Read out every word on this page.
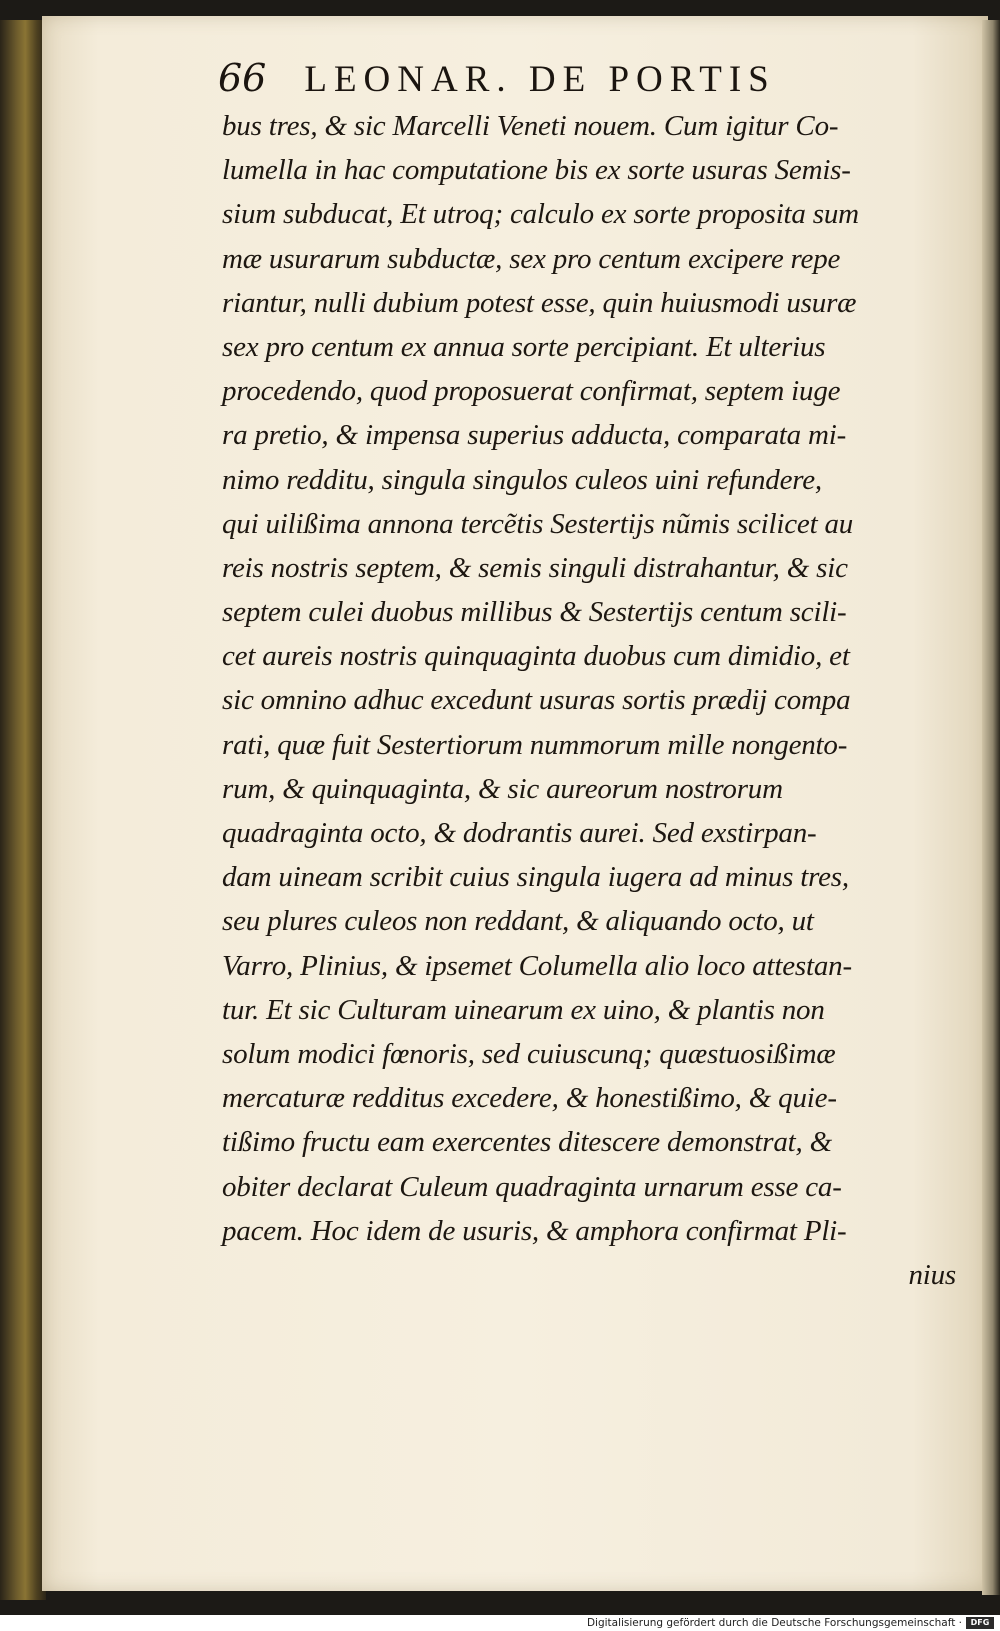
66 LEONAR. DE PORTIS
bus tres, & sic Marcelli Veneti nouem. Cum igitur Co-
lumella in hac computatione bis ex sorte usuras Semis-
sium subducat, Et utroq; calculo ex sorte proposita sum
mæ usurarum subductæ, sex pro centum excipere repe
riantur, nulli dubium potest esse, quin huiusmodi usuræ
sex pro centum ex annua sorte percipiant. Et ulterius
procedendo, quod proposuerat confirmat, septem iuge
ra pretio, & impensa superius adducta, comparata mi-
nimo redditu, singula singulos culeos uini refundere,
qui uilißima annona tercẽtis Sestertijs nũmis scilicet au
reis nostris septem, & semis singuli distrahantur, & sic
septem culei duobus millibus & Sestertijs centum scili-
cet aureis nostris quinquaginta duobus cum dimidio, et
sic omnino adhuc excedunt usuras sortis prædij compa
rati, quæ fuit Sestertiorum nummorum mille nongento-
rum, & quinquaginta, & sic aureorum nostrorum
quadraginta octo, & dodrantis aurei. Sed exstirpan-
dam uineam scribit cuius singula iugera ad minus tres,
seu plures culeos non reddant, & aliquando octo, ut
Varro, Plinius, & ipsemet Columella alio loco attestan-
tur. Et sic Culturam uinearum ex uino, & plantis non
solum modici fœnoris, sed cuiuscunq; quæstuosißimæ
mercaturæ redditus excedere, & honestißimo, & quie-
tißimo fructu eam exercentes ditescere demonstrat, &
obiter declarat Culeum quadraginta urnarum esse ca-
pacem. Hoc idem de usuris, & amphora confirmat Pli-
nius
Digitalisierung gefördert durch die Deutsche Forschungsgemeinschaft ·	DFG
